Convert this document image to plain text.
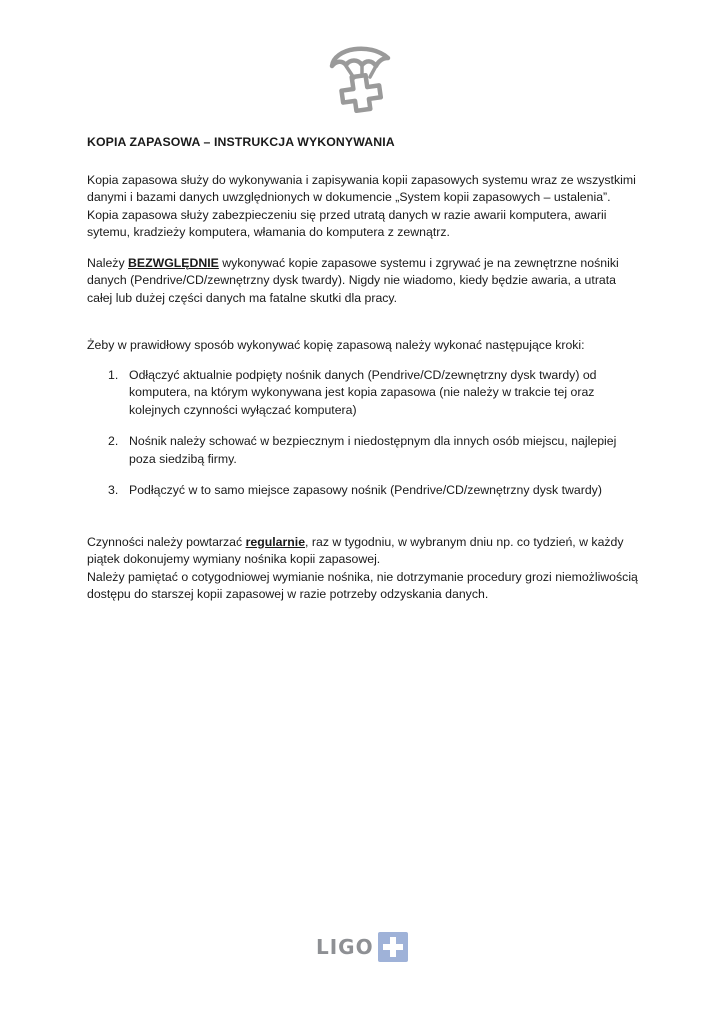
KOPIA ZAPASOWA – INSTRUKCJA WYKONYWANIA

Kopia zapasowa służy do wykonywania i zapisywania kopii zapasowych systemu wraz ze wszystkimi danymi i bazami danych uwzględnionych w dokumencie „System kopii zapasowych – ustalenia”.

Kopia zapasowa służy zabezpieczeniu się przed utratą danych w razie awarii komputera, awarii sytemu, kradzieży komputera, włamania do komputera z zewnątrz.

Należy BEZWGLĘDNIE wykonywać kopie zapasowe systemu i zgrywać je na zewnętrzne nośniki danych (Pendrive/CD/zewnętrzny dysk twardy). Nigdy nie wiadomo, kiedy będzie awaria, a utrata całej lub dużej części danych ma fatalne skutki dla pracy.

Żeby w prawidłowy sposób wykonywać kopię zapasową należy wykonać następujące kroki:

1. Odłączyć aktualnie podpięty nośnik danych (Pendrive/CD/zewnętrzny dysk twardy) od komputera, na którym wykonywana jest kopia zapasowa (nie należy w trakcie tej oraz kolejnych czynności wyłączać komputera)
2. Nośnik należy schować w bezpiecznym i niedostępnym dla innych osób miejscu, najlepiej poza siedzibą firmy.
3. Podłączyć w to samo miejsce zapasowy nośnik (Pendrive/CD/zewnętrzny dysk twardy)

Czynności należy powtarzać regularnie, raz w tygodniu, w wybranym dniu np. co tydzień, w każdy piątek dokonujemy wymiany nośnika kopii zapasowej.

Należy pamiętać o cotygodniowej wymianie nośnika, nie dotrzymanie procedury grozi niemożliwością dostępu do starszej kopii zapasowej w razie potrzeby odzyskania danych.

LIGO
